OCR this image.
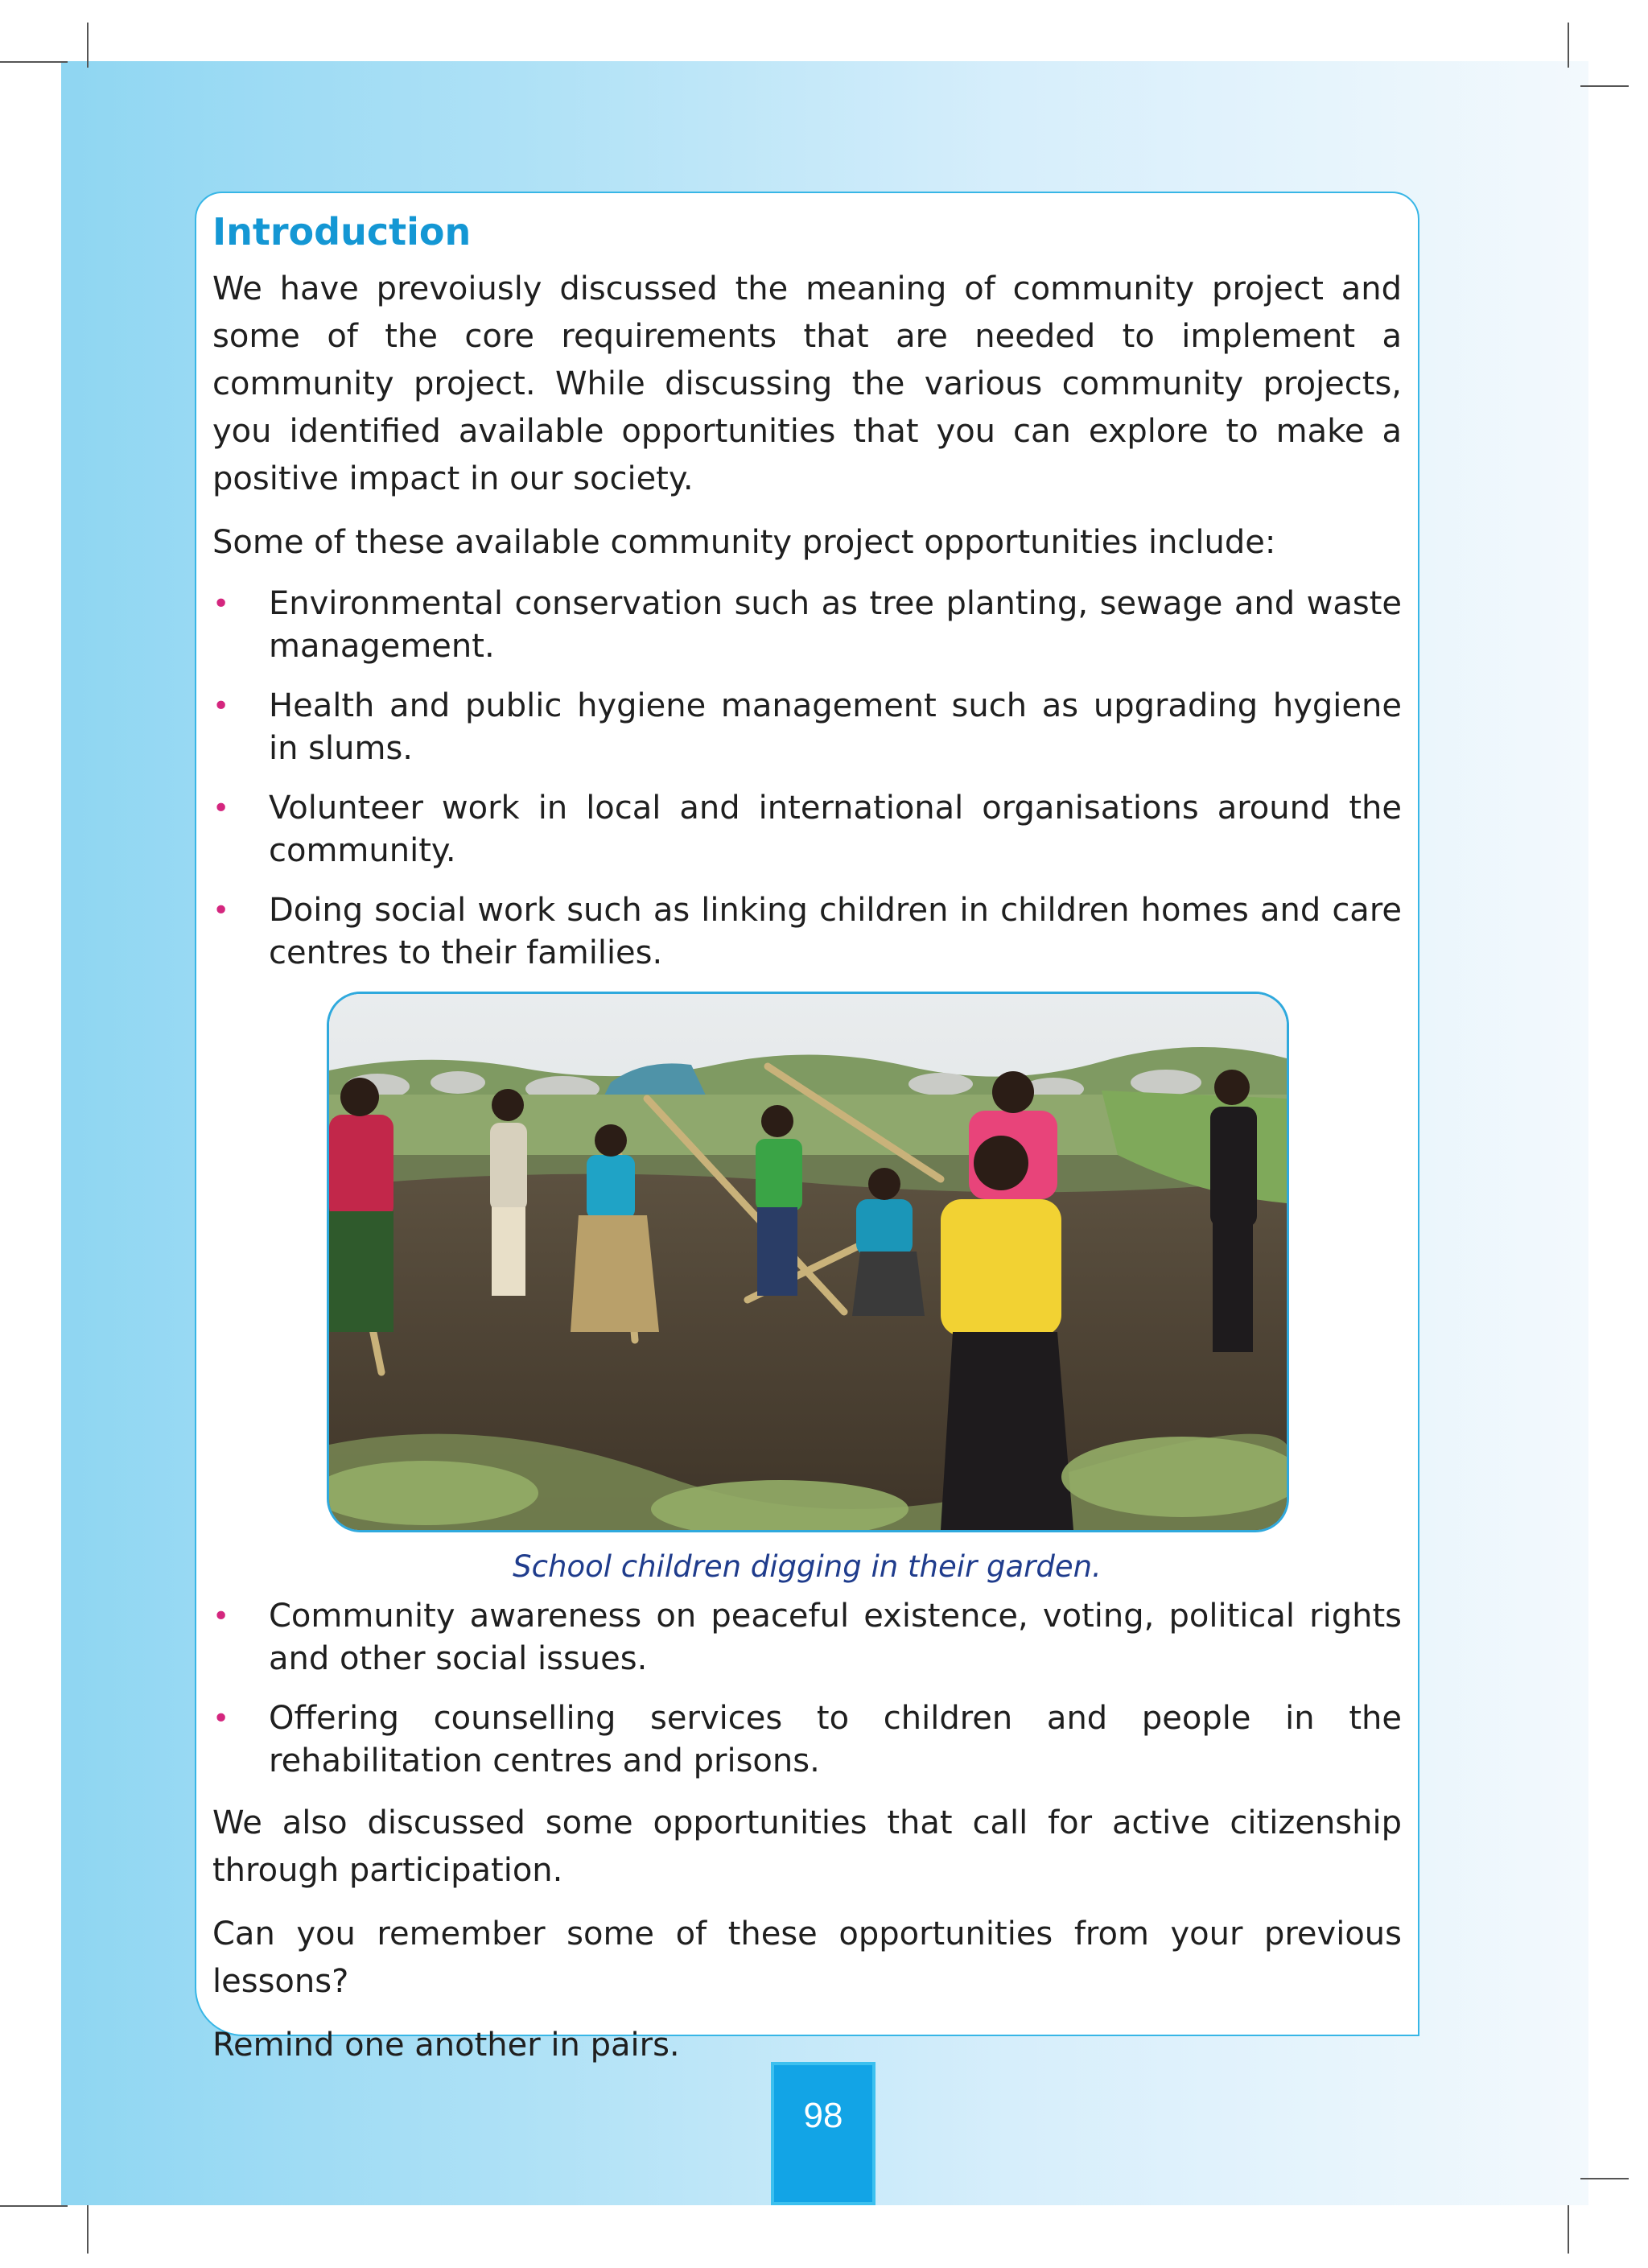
Introduction

We have prevoiusly discussed the meaning of community project and some of the core requirements that are needed to implement a community project. While discussing the various community projects, you identified available opportunities that you can explore to make a positive impact in our society.

Some of these available community project opportunities include:

• Environmental conservation such as tree planting, sewage and waste management.
• Health and public hygiene management such as upgrading hygiene in slums.
• Volunteer work in local and international organisations around the community.
• Doing social work such as linking children in children homes and care centres to their families.

School children digging in their garden.

• Community awareness on peaceful existence, voting, political rights and other social issues.
• Offering counselling services to children and people in the rehabilitation centres and prisons.

We also discussed some opportunities that call for active citizenship through participation.

Can you remember some of these opportunities from your previous lessons?

Remind one another in pairs.

98
